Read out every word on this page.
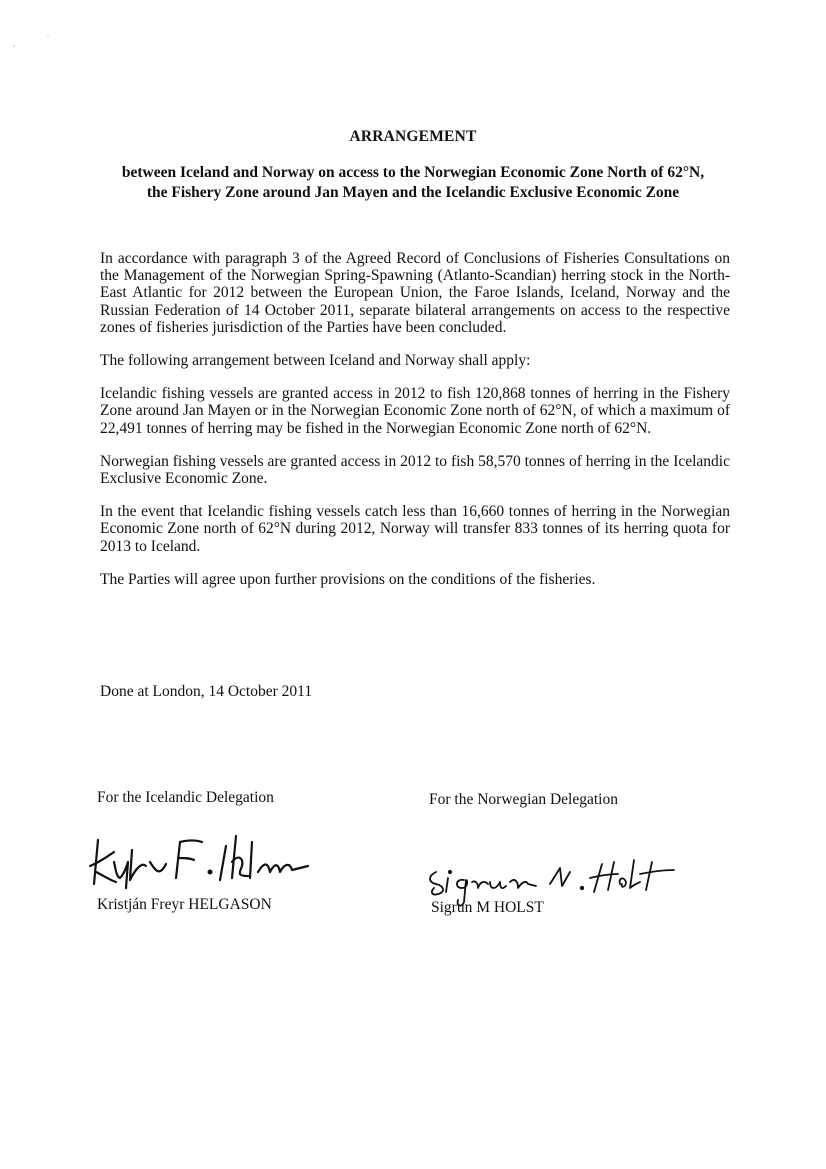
ARRANGEMENT
between Iceland and Norway on access to the Norwegian Economic Zone North of 62°N,
the Fishery Zone around Jan Mayen and the Icelandic Exclusive Economic Zone

In accordance with paragraph 3 of the Agreed Record of Conclusions of Fisheries Consultations on the Management of the Norwegian Spring-Spawning (Atlanto-Scandian) herring stock in the North-East Atlantic for 2012 between the European Union, the Faroe Islands, Iceland, Norway and the Russian Federation of 14 October 2011, separate bilateral arrangements on access to the respective zones of fisheries jurisdiction of the Parties have been concluded.

The following arrangement between Iceland and Norway shall apply:

Icelandic fishing vessels are granted access in 2012 to fish 120,868 tonnes of herring in the Fishery Zone around Jan Mayen or in the Norwegian Economic Zone north of 62°N, of which a maximum of 22,491 tonnes of herring may be fished in the Norwegian Economic Zone north of 62°N.

Norwegian fishing vessels are granted access in 2012 to fish 58,570 tonnes of herring in the Icelandic Exclusive Economic Zone.

In the event that Icelandic fishing vessels catch less than 16,660 tonnes of herring in the Norwegian Economic Zone north of 62°N during 2012, Norway will transfer 833 tonnes of its herring quota for 2013 to Iceland.

The Parties will agree upon further provisions on the conditions of the fisheries.

Done at London, 14 October 2011
For the Icelandic Delegation	For the Norwegian Delegation
Kristján Freyr HELGASON	Sigrun M HOLST
